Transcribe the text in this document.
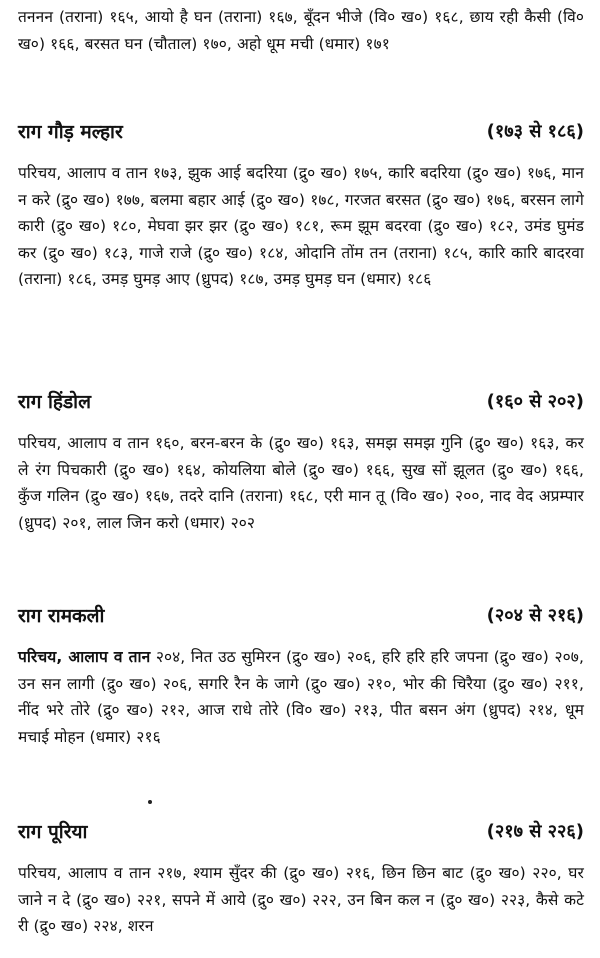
तननन (तराना) १६५, आयो है घन (तराना) १६७, बूँदन भीजे (वि० ख०) १६८, छाय रही कैसी (वि० ख०) १६६, बरसत घन (चौताल) १७०, अहो धूम मची (धमार) १७१

राग गौड़ मल्हार	(१७३ से १८६)

परिचय, आलाप व तान १७३, झुक आई बदरिया (द्रु० ख०) १७५, कारि बदरिया (द्रु० ख०) १७६, मान न करे (द्रु० ख०) १७७, बलमा बहार आई (द्रु० ख०) १७८, गरजत बरसत (द्रु० ख०) १७६, बरसन लागे कारी (द्रु० ख०) १८०, मेघवा झर झर (द्रु० ख०) १८१, रूम झूम बदरवा (द्रु० ख०) १८२, उमंड घुमंड कर (द्रु० ख०) १८३, गाजे राजे (द्रु० ख०) १८४, ओदानि तोंम तन (तराना) १८५, कारि कारि बादरवा (तराना) १८६, उमड़ घुमड़ आए (ध्रुपद) १८७, उमड़ घुमड़ घन (धमार) १८६

राग हिंडोल	(१६० से २०२)

परिचय, आलाप व तान १६०, बरन-बरन के (द्रु० ख०) १६३, समझ समझ गुनि (द्रु० ख०) १६३, कर ले रंग पिचकारी (द्रु० ख०) १६४, कोयलिया बोले (द्रु० ख०) १६६, सुख सों झूलत (द्रु० ख०) १६६, कुँज गलिन (द्रु० ख०) १६७, तदरे दानि (तराना) १६८, एरी मान तू (वि० ख०) २००, नाद वेद अप्रम्पार (ध्रुपद) २०१, लाल जिन करो (धमार) २०२

राग रामकली	(२०४ से २१६)

परिचय, आलाप व तान २०४, नित उठ सुमिरन (द्रु० ख०) २०६, हरि हरि हरि जपना (द्रु० ख०) २०७, उन सन लागी (द्रु० ख०) २०६, सगरि रैन के जागे (द्रु० ख०) २१०, भोर की चिरैया (द्रु० ख०) २११, नींद भरे तोरे (द्रु० ख०) २१२, आज राधे तोरे (वि० ख०) २१३, पीत बसन अंग (ध्रुपद) २१४, धूम मचाई मोहन (धमार) २१६

राग पूरिया	(२१७ से २२६)

परिचय, आलाप व तान २१७, श्याम सुँदर की (द्रु० ख०) २१६, छिन छिन बाट (द्रु० ख०) २२०, घर जाने न दे (द्रु० ख०) २२१, सपने में आये (द्रु० ख०) २२२, उन बिन कल न (द्रु० ख०) २२३, कैसे कटे री (द्रु० ख०) २२४, शरन
